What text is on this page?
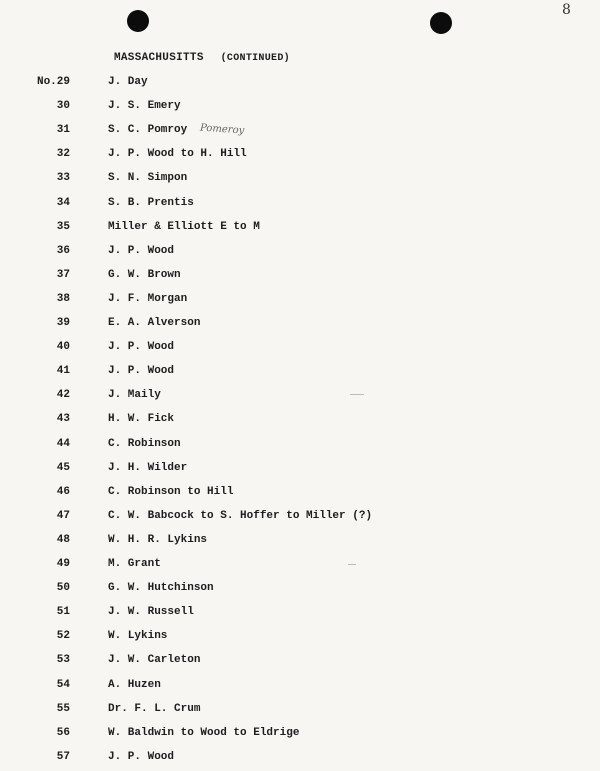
8
MASSACHUSITTS (CONTINUED)
Pomeroy
No.29	J. Day
30	J. S. Emery
31	S. C. Pomroy
32	J. P. Wood to H. Hill
33	S. N. Simpon
34	S. B. Prentis
35	Miller & Elliott E to M
36	J. P. Wood
37	G. W. Brown
38	J. F. Morgan
39	E. A. Alverson
40	J. P. Wood
41	J. P. Wood
42	J. Maily
43	H. W. Fick
44	C. Robinson
45	J. H. Wilder
46	C. Robinson to Hill
47	C. W. Babcock to S. Hoffer to Miller (?)
48	W. H. R. Lykins
49	M. Grant
50	G. W. Hutchinson
51	J. W. Russell
52	W. Lykins
53	J. W. Carleton
54	A. Huzen
55	Dr. F. L. Crum
56	W. Baldwin to Wood to Eldrige
57	J. P. Wood
